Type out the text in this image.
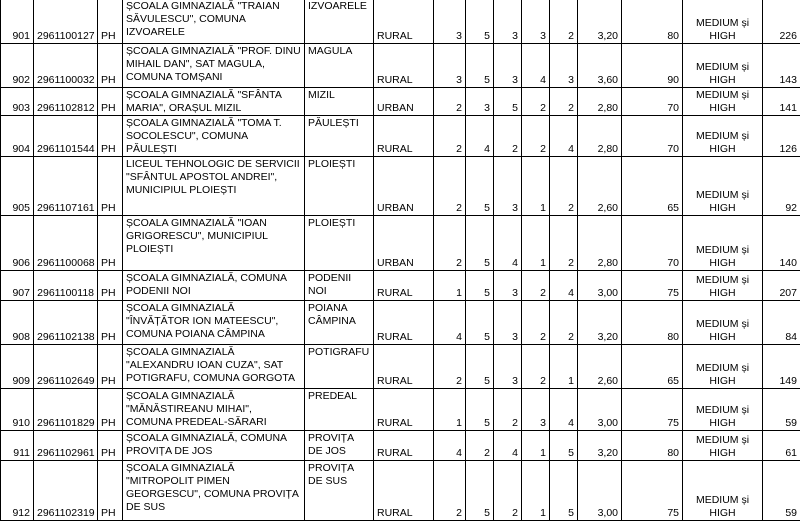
901	2961100127	PH	ȘCOALA GIMNAZIALĂ "TRAIAN SĂVULESCU", COMUNA IZVOARELE	IZVOARELE	RURAL	3	5	3	3	2	3,20	80	MEDIUM și HIGH	226
902	2961100032	PH	ȘCOALA GIMNAZIALĂ "PROF. DINU MIHAIL DAN", SAT MAGULA, COMUNA TOMȘANI	MAGULA	RURAL	3	5	3	4	3	3,60	90	MEDIUM și HIGH	143
903	2961102812	PH	ȘCOALA GIMNAZIALĂ "SFÂNTA MARIA", ORAȘUL MIZIL	MIZIL	URBAN	2	3	5	2	2	2,80	70	MEDIUM și HIGH	141
904	2961101544	PH	ȘCOALA GIMNAZIALĂ "TOMA T. SOCOLESCU", COMUNA PĂULEȘTI	PĂULEȘTI	RURAL	2	4	2	2	4	2,80	70	MEDIUM și HIGH	126
905	2961107161	PH	LICEUL TEHNOLOGIC DE SERVICII "SFÂNTUL APOSTOL ANDREI", MUNICIPIUL PLOIEȘTI	PLOIEȘTI	URBAN	2	5	3	1	2	2,60	65	MEDIUM și HIGH	92
906	2961100068	PH	ȘCOALA GIMNAZIALĂ "IOAN GRIGORESCU", MUNICIPIUL PLOIEȘTI	PLOIEȘTI	URBAN	2	5	4	1	2	2,80	70	MEDIUM și HIGH	140
907	2961100118	PH	ȘCOALA GIMNAZIALĂ, COMUNA PODENII NOI	PODENII NOI	RURAL	1	5	3	2	4	3,00	75	MEDIUM și HIGH	207
908	2961102138	PH	ȘCOALA GIMNAZIALĂ "ÎNVĂȚĂTOR ION MATEESCU", COMUNA POIANA CÂMPINA	POIANA CÂMPINA	RURAL	4	5	3	2	2	3,20	80	MEDIUM și HIGH	84
909	2961102649	PH	ȘCOALA GIMNAZIALĂ "ALEXANDRU IOAN CUZA", SAT POTIGRAFU, COMUNA GORGOTA	POTIGRAFU	RURAL	2	5	3	2	1	2,60	65	MEDIUM și HIGH	149
910	2961101829	PH	ȘCOALA GIMNAZIALĂ "MĂNĂSTIREANU MIHAI", COMUNA PREDEAL-SĂRARI	PREDEAL	RURAL	1	5	2	3	4	3,00	75	MEDIUM și HIGH	59
911	2961102961	PH	ȘCOALA GIMNAZIALĂ, COMUNA PROVIȚA DE JOS	PROVIȚA DE JOS	RURAL	4	2	4	1	5	3,20	80	MEDIUM și HIGH	61
912	2961102319	PH	ȘCOALA GIMNAZIALĂ "MITROPOLIT PIMEN GEORGESCU", COMUNA PROVIȚA DE SUS	PROVIȚA DE SUS	RURAL	2	5	2	1	5	3,00	75	MEDIUM și HIGH	59
